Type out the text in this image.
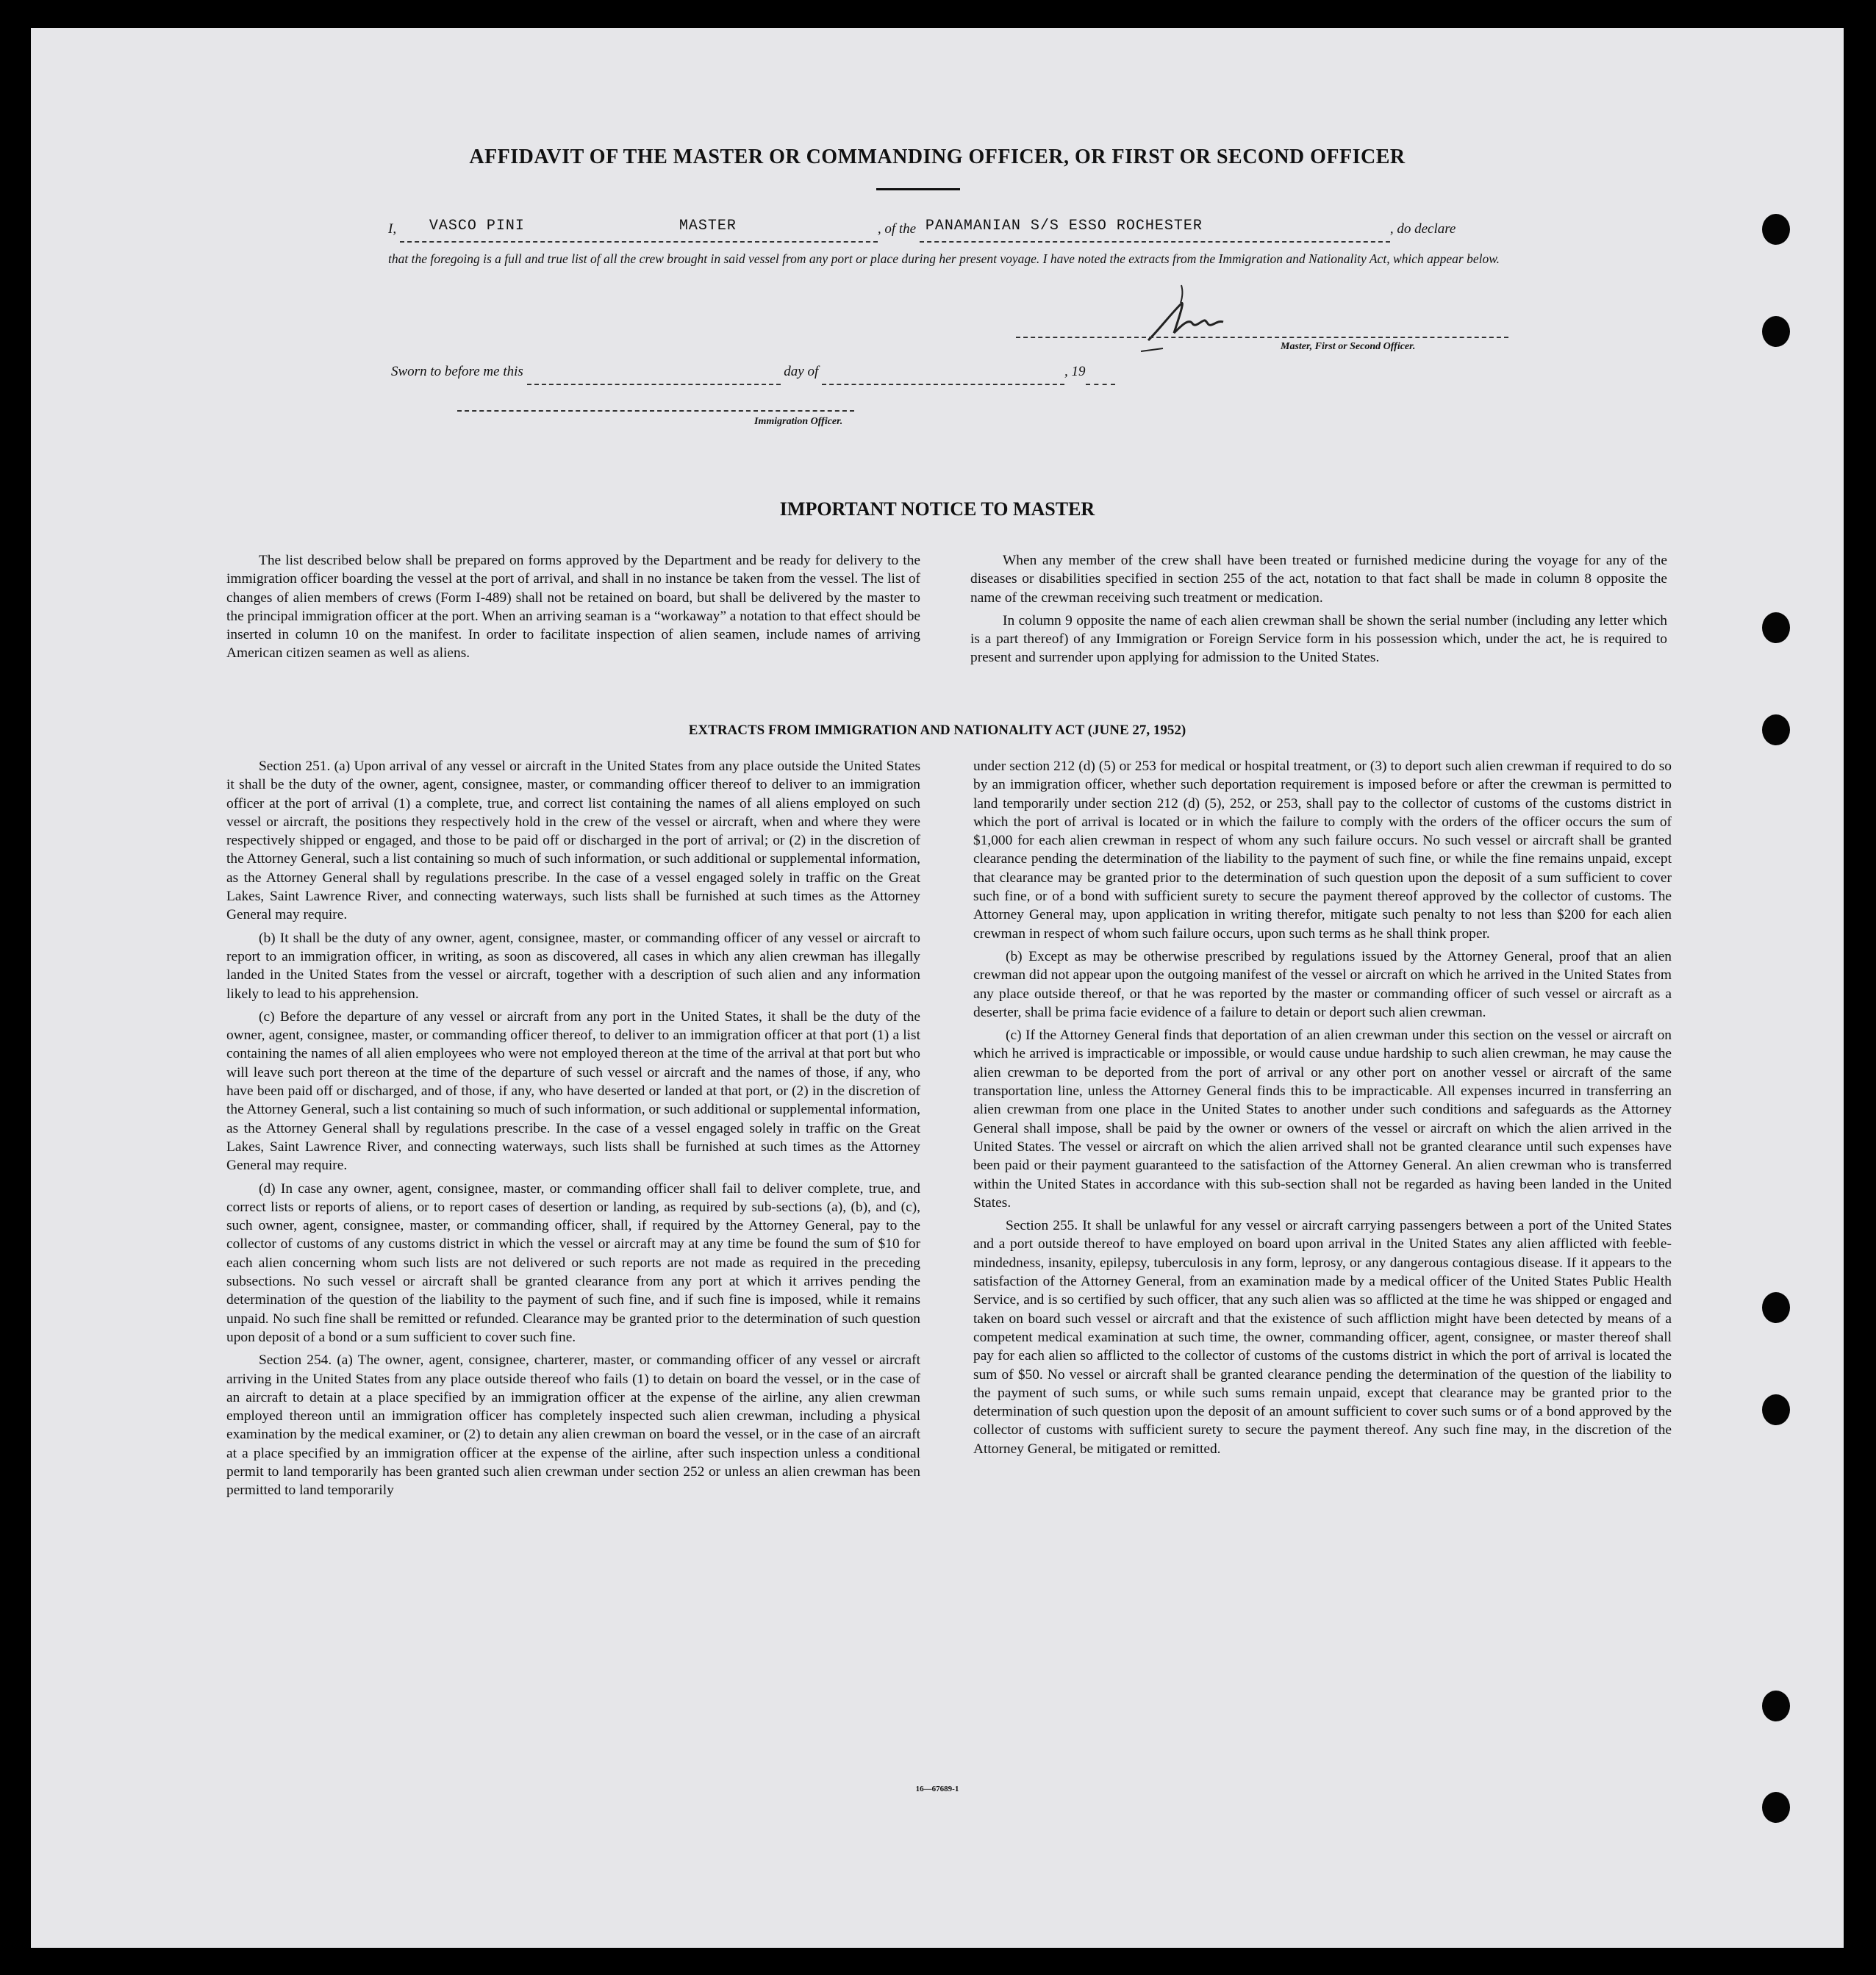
AFFIDAVIT OF THE MASTER OR COMMANDING OFFICER, OR FIRST OR SECOND OFFICER
I, VASCO PINI	MASTER	, of the PANAMANIAN S/S ESSO ROCHESTER	, do declare
that the foregoing is a full and true list of all the crew brought in said vessel from any port or place during her present voyage. I have noted the extracts from the Immigration and Nationality Act, which appear below.
Master, First or Second Officer.
Sworn to before me this	day of	, 19
Immigration Officer.
IMPORTANT NOTICE TO MASTER

The list described below shall be prepared on forms approved by the Department and be ready for delivery to the immigration officer boarding the vessel at the port of arrival, and shall in no instance be taken from the vessel. The list of changes of alien members of crews (Form I-489) shall not be retained on board, but shall be delivered by the master to the principal immigration officer at the port. When an arriving seaman is a “workaway” a notation to that effect should be inserted in column 10 on the manifest. In order to facilitate inspection of alien seamen, include names of arriving American citizen seamen as well as aliens.

When any member of the crew shall have been treated or furnished medicine during the voyage for any of the diseases or disabilities specified in section 255 of the act, notation to that fact shall be made in column 8 opposite the name of the crewman receiving such treatment or medication.

In column 9 opposite the name of each alien crewman shall be shown the serial number (including any letter which is a part thereof) of any Immigration or Foreign Service form in his possession which, under the act, he is required to present and surrender upon applying for admission to the United States.

EXTRACTS FROM IMMIGRATION AND NATIONALITY ACT (JUNE 27, 1952)

Section 251. (a) Upon arrival of any vessel or aircraft in the United States from any place outside the United States it shall be the duty of the owner, agent, consignee, master, or commanding officer thereof to deliver to an immigration officer at the port of arrival (1) a complete, true, and correct list containing the names of all aliens employed on such vessel or aircraft, the positions they respectively hold in the crew of the vessel or aircraft, when and where they were respectively shipped or engaged, and those to be paid off or discharged in the port of arrival; or (2) in the discretion of the Attorney General, such a list containing so much of such information, or such additional or supplemental information, as the Attorney General shall by regulations prescribe. In the case of a vessel engaged solely in traffic on the Great Lakes, Saint Lawrence River, and connecting waterways, such lists shall be furnished at such times as the Attorney General may require.

(b) It shall be the duty of any owner, agent, consignee, master, or commanding officer of any vessel or aircraft to report to an immigration officer, in writing, as soon as discovered, all cases in which any alien crewman has illegally landed in the United States from the vessel or aircraft, together with a description of such alien and any information likely to lead to his apprehension.

(c) Before the departure of any vessel or aircraft from any port in the United States, it shall be the duty of the owner, agent, consignee, master, or commanding officer thereof, to deliver to an immigration officer at that port (1) a list containing the names of all alien employees who were not employed thereon at the time of the arrival at that port but who will leave such port thereon at the time of the departure of such vessel or aircraft and the names of those, if any, who have been paid off or discharged, and of those, if any, who have deserted or landed at that port, or (2) in the discretion of the Attorney General, such a list containing so much of such information, or such additional or supplemental information, as the Attorney General shall by regulations prescribe. In the case of a vessel engaged solely in traffic on the Great Lakes, Saint Lawrence River, and connecting waterways, such lists shall be furnished at such times as the Attorney General may require.

(d) In case any owner, agent, consignee, master, or commanding officer shall fail to deliver complete, true, and correct lists or reports of aliens, or to report cases of desertion or landing, as required by sub-sections (a), (b), and (c), such owner, agent, consignee, master, or commanding officer, shall, if required by the Attorney General, pay to the collector of customs of any customs district in which the vessel or aircraft may at any time be found the sum of $10 for each alien concerning whom such lists are not delivered or such reports are not made as required in the preceding subsections. No such vessel or aircraft shall be granted clearance from any port at which it arrives pending the determination of the question of the liability to the payment of such fine, and if such fine is imposed, while it remains unpaid. No such fine shall be remitted or refunded. Clearance may be granted prior to the determination of such question upon deposit of a bond or a sum sufficient to cover such fine.

Section 254. (a) The owner, agent, consignee, charterer, master, or commanding officer of any vessel or aircraft arriving in the United States from any place outside thereof who fails (1) to detain on board the vessel, or in the case of an aircraft to detain at a place specified by an immigration officer at the expense of the airline, any alien crewman employed thereon until an immigration officer has completely inspected such alien crewman, including a physical examination by the medical examiner, or (2) to detain any alien crewman on board the vessel, or in the case of an aircraft at a place specified by an immigration officer at the expense of the airline, after such inspection unless a conditional permit to land temporarily has been granted such alien crewman under section 252 or unless an alien crewman has been permitted to land temporarily

under section 212 (d) (5) or 253 for medical or hospital treatment, or (3) to deport such alien crewman if required to do so by an immigration officer, whether such deportation requirement is imposed before or after the crewman is permitted to land temporarily under section 212 (d) (5), 252, or 253, shall pay to the collector of customs of the customs district in which the port of arrival is located or in which the failure to comply with the orders of the officer occurs the sum of $1,000 for each alien crewman in respect of whom any such failure occurs. No such vessel or aircraft shall be granted clearance pending the determination of the liability to the payment of such fine, or while the fine remains unpaid, except that clearance may be granted prior to the determination of such question upon the deposit of a sum sufficient to cover such fine, or of a bond with sufficient surety to secure the payment thereof approved by the collector of customs. The Attorney General may, upon application in writing therefor, mitigate such penalty to not less than $200 for each alien crewman in respect of whom such failure occurs, upon such terms as he shall think proper.

(b) Except as may be otherwise prescribed by regulations issued by the Attorney General, proof that an alien crewman did not appear upon the outgoing manifest of the vessel or aircraft on which he arrived in the United States from any place outside thereof, or that he was reported by the master or commanding officer of such vessel or aircraft as a deserter, shall be prima facie evidence of a failure to detain or deport such alien crewman.

(c) If the Attorney General finds that deportation of an alien crewman under this section on the vessel or aircraft on which he arrived is impracticable or impossible, or would cause undue hardship to such alien crewman, he may cause the alien crewman to be deported from the port of arrival or any other port on another vessel or aircraft of the same transportation line, unless the Attorney General finds this to be impracticable. All expenses incurred in transferring an alien crewman from one place in the United States to another under such conditions and safeguards as the Attorney General shall impose, shall be paid by the owner or owners of the vessel or aircraft on which the alien arrived in the United States. The vessel or aircraft on which the alien arrived shall not be granted clearance until such expenses have been paid or their payment guaranteed to the satisfaction of the Attorney General. An alien crewman who is transferred within the United States in accordance with this sub-section shall not be regarded as having been landed in the United States.

Section 255. It shall be unlawful for any vessel or aircraft carrying passengers between a port of the United States and a port outside thereof to have employed on board upon arrival in the United States any alien afflicted with feeble-mindedness, insanity, epilepsy, tuberculosis in any form, leprosy, or any dangerous contagious disease. If it appears to the satisfaction of the Attorney General, from an examination made by a medical officer of the United States Public Health Service, and is so certified by such officer, that any such alien was so afflicted at the time he was shipped or engaged and taken on board such vessel or aircraft and that the existence of such affliction might have been detected by means of a competent medical examination at such time, the owner, commanding officer, agent, consignee, or master thereof shall pay for each alien so afflicted to the collector of customs of the customs district in which the port of arrival is located the sum of $50. No vessel or aircraft shall be granted clearance pending the determination of the question of the liability to the payment of such sums, or while such sums remain unpaid, except that clearance may be granted prior to the determination of such question upon the deposit of an amount sufficient to cover such sums or of a bond approved by the collector of customs with sufficient surety to secure the payment thereof. Any such fine may, in the discretion of the Attorney General, be mitigated or remitted.

16—67689-1
